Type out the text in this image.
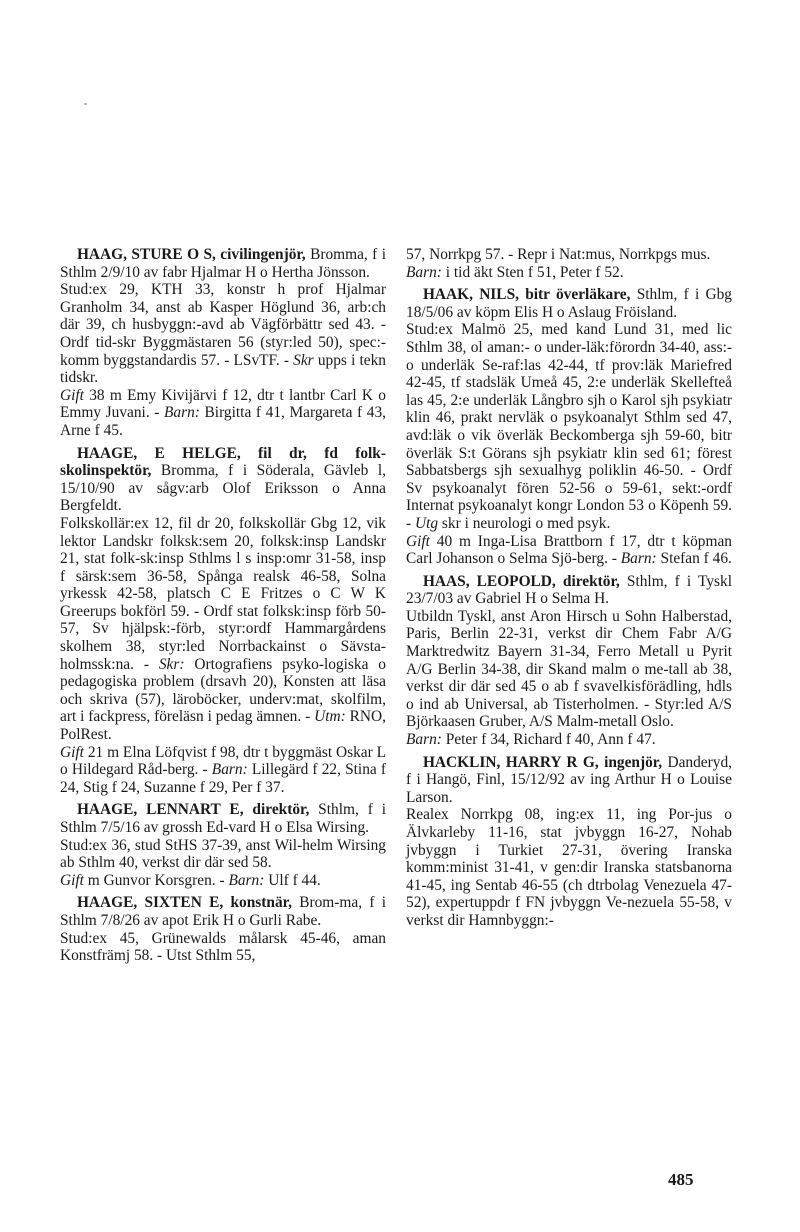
HAAG, STURE O S, civilingenjör, Bromma, f i Sthlm 2/9/10 av fabr Hjalmar H o Hertha Jönsson.

Stud:ex 29, KTH 33, konstr h prof Hjalmar Granholm 34, anst ab Kasper Höglund 36, arb:ch där 39, ch husbyggn:-avd ab Vägförbättr sed 43. - Ordf tid-skr Byggmästaren 56 (styr:led 50), spec:-komm byggstandardis 57. - LSvTF. - Skr upps i tekn tidskr.

Gift 38 m Emy Kivijärvi f 12, dtr t lantbr Carl K o Emmy Juvani. - Barn: Birgitta f 41, Margareta f 43, Arne f 45.

HAAGE, E HELGE, fil dr, fd folk-skolinspektör, Bromma, f i Söderala, Gävleb l, 15/10/90 av sågv:arb Olof Eriksson o Anna Bergfeldt.

Folkskollär:ex 12, fil dr 20, folkskollär Gbg 12, vik lektor Landskr folksk:sem 20, folksk:insp Landskr 21, stat folk-sk:insp Sthlms l s insp:omr 31-58, insp f särsk:sem 36-58, Spånga realsk 46-58, Solna yrkessk 42-58, platsch C E Fritzes o C W K Greerups bokförl 59. - Ordf stat folksk:insp förb 50-57, Sv hjälpsk:-förb, styr:ordf Hammargårdens skolhem 38, styr:led Norrbackainst o Sävsta-holmssk:na. - Skr: Ortografiens psyko-logiska o pedagogiska problem (drsavh 20), Konsten att läsa och skriva (57), läroböcker, underv:mat, skolfilm, art i fackpress, föreläsn i pedag ämnen. - Utm: RNO, PolRest.

Gift 21 m Elna Löfqvist f 98, dtr t byggmäst Oskar L o Hildegard Råd-berg. - Barn: Lillegärd f 22, Stina f 24, Stig f 24, Suzanne f 29, Per f 37.

HAAGE, LENNART E, direktör, Sthlm, f i Sthlm 7/5/16 av grossh Ed-vard H o Elsa Wirsing.

Stud:ex 36, stud StHS 37-39, anst Wil-helm Wirsing ab Sthlm 40, verkst dir där sed 58.

Gift m Gunvor Korsgren. - Barn: Ulf f 44.

HAAGE, SIXTEN E, konstnär, Brom-ma, f i Sthlm 7/8/26 av apot Erik H o Gurli Rabe.

Stud:ex 45, Grünewalds målarsk 45-46, aman Konstfrämj 58. - Utst Sthlm 55,

57, Norrkpg 57. - Repr i Nat:mus, Norrkpgs mus.

Barn: i tid äkt Sten f 51, Peter f 52.

HAAK, NILS, bitr överläkare, Sthlm, f i Gbg 18/5/06 av köpm Elis H o Aslaug Fröisland.

Stud:ex Malmö 25, med kand Lund 31, med lic Sthlm 38, ol aman:- o under-läk:förordn 34-40, ass:- o underläk Se-raf:las 42-44, tf prov:läk Mariefred 42-45, tf stadsläk Umeå 45, 2:e underläk Skellefteå las 45, 2:e underläk Långbro sjh o Karol sjh psykiatr klin 46, prakt nervläk o psykoanalyt Sthlm sed 47, avd:läk o vik överläk Beckomberga sjh 59-60, bitr överläk S:t Görans sjh psykiatr klin sed 61; förest Sabbatsbergs sjh sexualhyg poliklin 46-50. - Ordf Sv psykoanalyt fören 52-56 o 59-61, sekt:-ordf Internat psykoanalyt kongr London 53 o Köpenh 59. - Utg skr i neurologi o med psyk.

Gift 40 m Inga-Lisa Brattborn f 17, dtr t köpman Carl Johanson o Selma Sjö-berg. - Barn: Stefan f 46.

HAAS, LEOPOLD, direktör, Sthlm, f i Tyskl 23/7/03 av Gabriel H o Selma H.

Utbildn Tyskl, anst Aron Hirsch u Sohn Halberstad, Paris, Berlin 22-31, verkst dir Chem Fabr A/G Marktredwitz Bayern 31-34, Ferro Metall u Pyrit A/G Berlin 34-38, dir Skand malm o me-tall ab 38, verkst dir där sed 45 o ab f svavelkisförädling, hdls o ind ab Universal, ab Tisterholmen. - Styr:led A/S Björkaasen Gruber, A/S Malm-metall Oslo.

Barn: Peter f 34, Richard f 40, Ann f 47.

HACKLIN, HARRY R G, ingenjör, Danderyd, f i Hangö, Finl, 15/12/92 av ing Arthur H o Louise Larson.

Realex Norrkpg 08, ing:ex 11, ing Por-jus o Älvkarleby 11-16, stat jvbyggn 16-27, Nohab jvbyggn i Turkiet 27-31, övering Iranska komm:minist 31-41, v gen:dir Iranska statsbanorna 41-45, ing Sentab 46-55 (ch dtrbolag Venezuela 47-52), expertuppdr f FN jvbyggn Ve-nezuela 55-58, v verkst dir Hamnbyggn:-

485
